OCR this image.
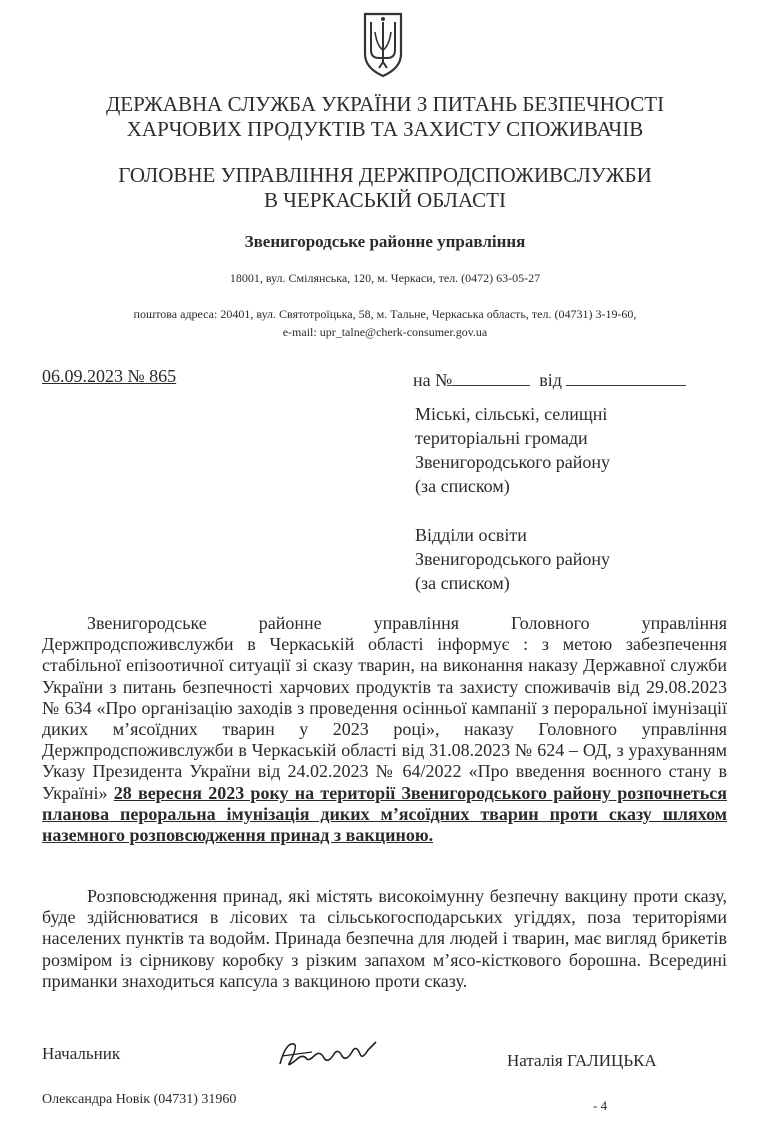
ДЕРЖАВНА СЛУЖБА УКРАЇНИ З ПИТАНЬ БЕЗПЕЧНОСТІ
ХАРЧОВИХ ПРОДУКТІВ ТА ЗАХИСТУ СПОЖИВАЧІВ
ГОЛОВНЕ УПРАВЛІННЯ ДЕРЖПРОДСПОЖИВСЛУЖБИ
В ЧЕРКАСЬКІЙ ОБЛАСТІ
Звенигородське районне управління
18001, вул. Смілянська, 120, м. Черкаси, тел. (0472) 63-05-27
поштова адреса: 20401, вул. Святотроїцька, 58, м. Тальне, Черкаська область, тел. (04731) 3-19-60,
e-mail: upr_talne@cherk-consumer.gov.ua
06.09.2023 № 865	на №	від
Міські, сільські, селищні
територіальні громади
Звенигородського району
(за списком)
Відділи освіти
Звенигородського району
(за списком)
Звенигородське районне управління Головного управління Держпродспоживслужби в Черкаській області інформує : з метою забезпечення стабільної епізоотичної ситуації зі сказу тварин, на виконання наказу Державної служби України з питань безпечності харчових продуктів та захисту споживачів від 29.08.2023 № 634 «Про організацію заходів з проведення осінньої кампанії з пероральної імунізації диких м’ясоїдних тварин у 2023 році», наказу Головного управління Держпродспоживслужби в Черкаській області від 31.08.2023 № 624 – ОД, з урахуванням Указу Президента України від 24.02.2023 № 64/2022 «Про введення воєнного стану в Україні» 28 вересня 2023 року на території Звенигородського району розпочнеться планова пероральна імунізація диких м’ясоїдних тварин проти сказу шляхом наземного розповсюдження принад з вакциною.
Розповсюдження принад, які містять високоімунну безпечну вакцину проти сказу, буде здійснюватися в лісових та сільськогосподарських угіддях, поза територіями населених пунктів та водойм. Принада безпечна для людей і тварин, має вигляд брикетів розміром із сірникову коробку з різким запахом м’ясо-кісткового борошна. Всередині приманки знаходиться капсула з вакциною проти сказу.
Начальник	Наталія ГАЛИЦЬКА
Олександра Новік (04731) 31960	- 4
